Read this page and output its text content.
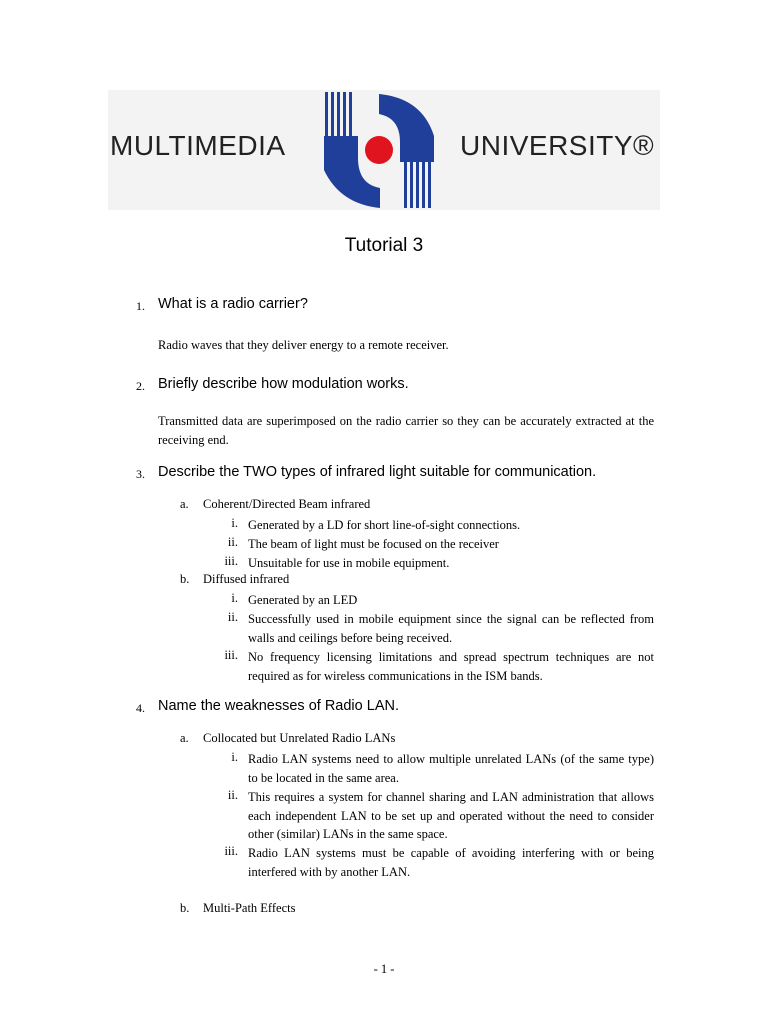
MULTIMEDIA	UNIVERSITY®
Tutorial 3
1. What is a radio carrier?
Radio waves that they deliver energy to a remote receiver.
2. Briefly describe how modulation works.
Transmitted data are superimposed on the radio carrier so they can be accurately extracted at the receiving end.
3. Describe the TWO types of infrared light suitable for communication.
a. Coherent/Directed Beam infrared
i. Generated by a LD for short line-of-sight connections.
ii. The beam of light must be focused on the receiver
iii. Unsuitable for use in mobile equipment.
b. Diffused infrared
i. Generated by an LED
ii. Successfully used in mobile equipment since the signal can be reflected from walls and ceilings before being received.
iii. No frequency licensing limitations and spread spectrum techniques are not required as for wireless communications in the ISM bands.
4. Name the weaknesses of Radio LAN.
a. Collocated but Unrelated Radio LANs
i. Radio LAN systems need to allow multiple unrelated LANs (of the same type) to be located in the same area.
ii. This requires a system for channel sharing and LAN administration that allows each independent LAN to be set up and operated without the need to consider other (similar) LANs in the same space.
iii. Radio LAN systems must be capable of avoiding interfering with or being interfered with by another LAN.
b. Multi-Path Effects
- 1 -
